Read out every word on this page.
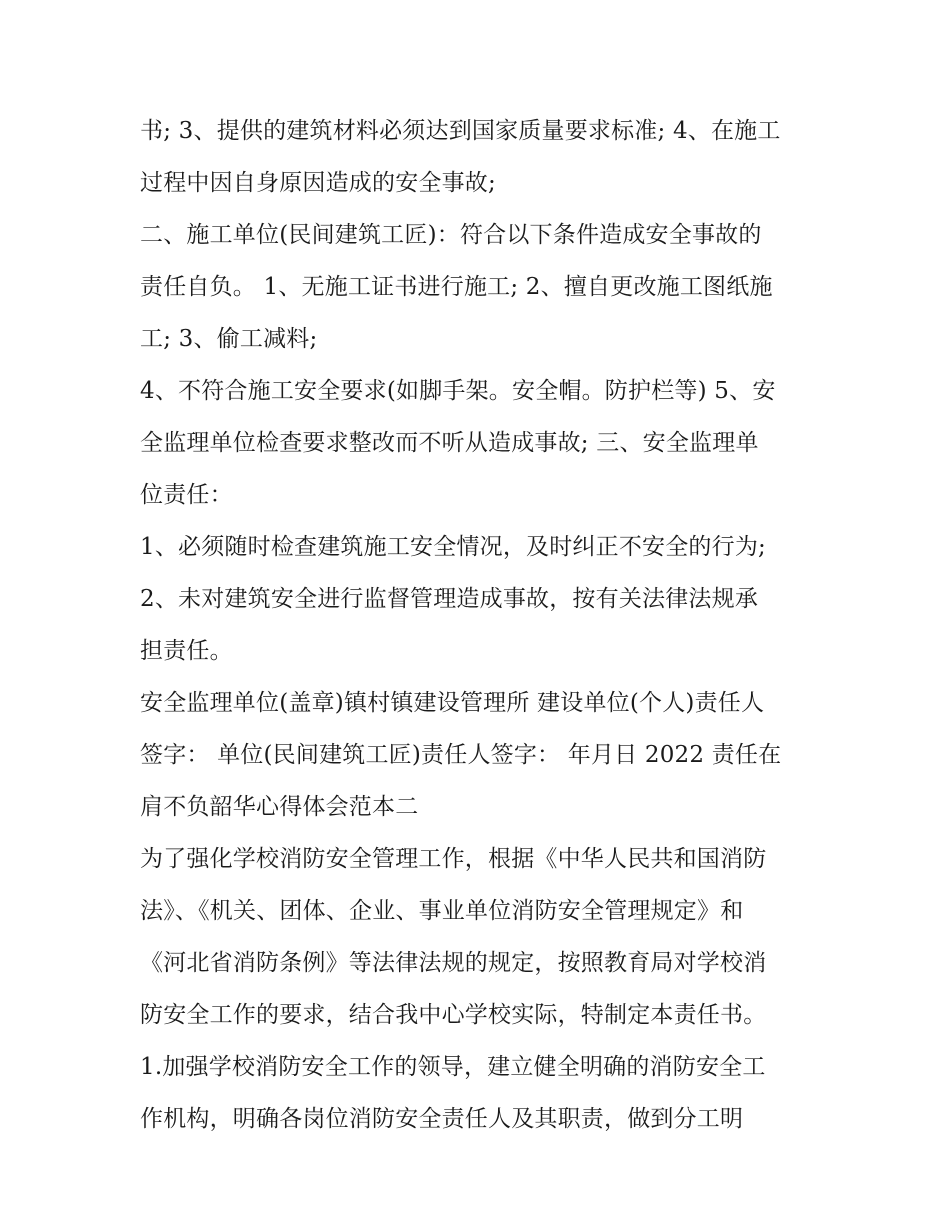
书; 3、提供的建筑材料必须达到国家质量要求标准; 4、在施工
过程中因自身原因造成的安全事故;
二、施工单位(民间建筑工匠)：符合以下条件造成安全事故的
责任自负。 1、无施工证书进行施工; 2、擅自更改施工图纸施
工; 3、偷工减料;
4、不符合施工安全要求(如脚手架。安全帽。防护栏等) 5、安
全监理单位检查要求整改而不听从造成事故; 三、安全监理单
位责任：
1、必须随时检查建筑施工安全情况，及时纠正不安全的行为;
2、未对建筑安全进行监督管理造成事故，按有关法律法规承
担责任。
安全监理单位(盖章)镇村镇建设管理所 建设单位(个人)责任人
签字： 单位(民间建筑工匠)责任人签字： 年月日 2022 责任在
肩不负韶华心得体会范本二
为了强化学校消防安全管理工作，根据《中华人民共和国消防
法》、《机关、团体、企业、事业单位消防安全管理规定》和
《河北省消防条例》等法律法规的规定，按照教育局对学校消
防安全工作的要求，结合我中心学校实际，特制定本责任书。
1.加强学校消防安全工作的领导，建立健全明确的消防安全工
作机构，明确各岗位消防安全责任人及其职责，做到分工明
